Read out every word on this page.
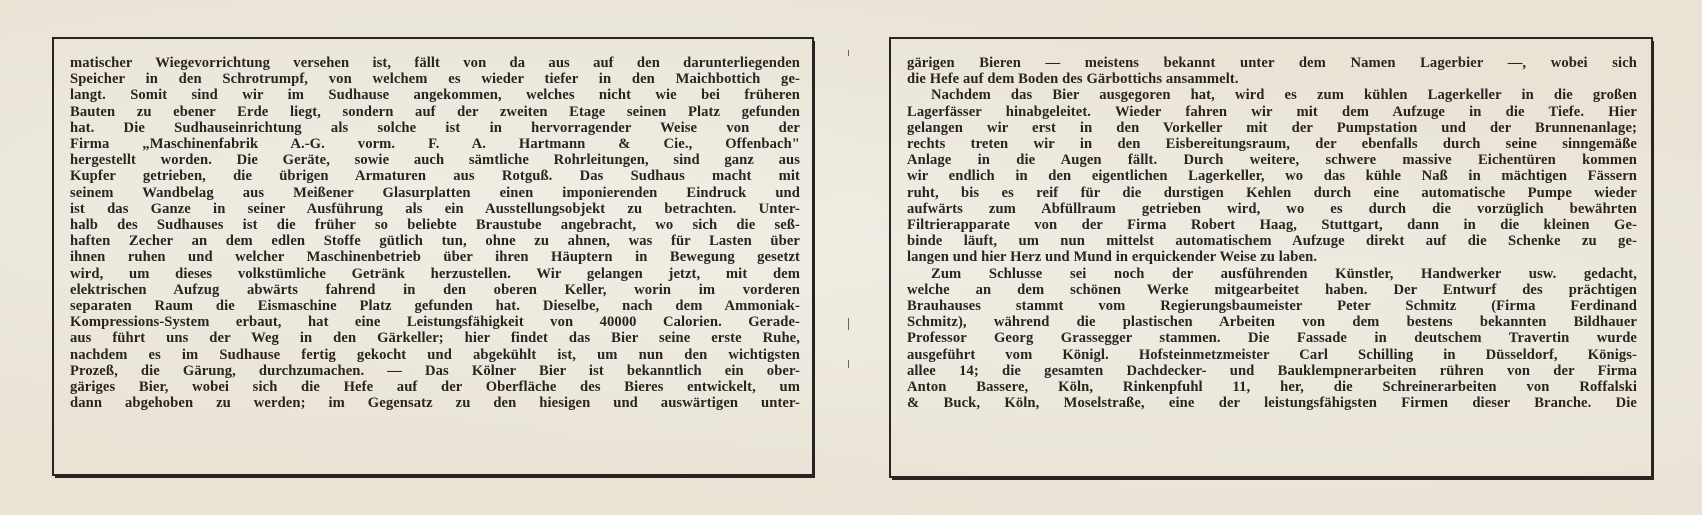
matischer Wiegevorrichtung versehen ist, fällt von da aus auf den darunterliegenden
Speicher in den Schrotrumpf, von welchem es wieder tiefer in den Maichbottich ge-
langt. Somit sind wir im Sudhause angekommen, welches nicht wie bei früheren
Bauten zu ebener Erde liegt, sondern auf der zweiten Etage seinen Platz gefunden
hat. Die Sudhauseinrichtung als solche ist in hervorragender Weise von der
Firma „Maschinenfabrik A.-G. vorm. F. A. Hartmann & Cie., Offenbach"
hergestellt worden. Die Geräte, sowie auch sämtliche Rohrleitungen, sind ganz aus
Kupfer getrieben, die übrigen Armaturen aus Rotguß. Das Sudhaus macht mit
seinem Wandbelag aus Meißener Glasurplatten einen imponierenden Eindruck und
ist das Ganze in seiner Ausführung als ein Ausstellungsobjekt zu betrachten. Unter-
halb des Sudhauses ist die früher so beliebte Braustube angebracht, wo sich die seß-
haften Zecher an dem edlen Stoffe gütlich tun, ohne zu ahnen, was für Lasten über
ihnen ruhen und welcher Maschinenbetrieb über ihren Häuptern in Bewegung gesetzt
wird, um dieses volkstümliche Getränk herzustellen. Wir gelangen jetzt, mit dem
elektrischen Aufzug abwärts fahrend in den oberen Keller, worin im vorderen
separaten Raum die Eismaschine Platz gefunden hat. Dieselbe, nach dem Ammoniak-
Kompressions-System erbaut, hat eine Leistungsfähigkeit von 40000 Calorien. Gerade-
aus führt uns der Weg in den Gärkeller; hier findet das Bier seine erste Ruhe,
nachdem es im Sudhause fertig gekocht und abgekühlt ist, um nun den wichtigsten
Prozeß, die Gärung, durchzumachen. — Das Kölner Bier ist bekanntlich ein ober-
gäriges Bier, wobei sich die Hefe auf der Oberfläche des Bieres entwickelt, um
dann abgehoben zu werden; im Gegensatz zu den hiesigen und auswärtigen unter-
gärigen Bieren — meistens bekannt unter dem Namen Lagerbier —, wobei sich
die Hefe auf dem Boden des Gärbottichs ansammelt.
Nachdem das Bier ausgegoren hat, wird es zum kühlen Lagerkeller in die großen
Lagerfässer hinabgeleitet. Wieder fahren wir mit dem Aufzuge in die Tiefe. Hier
gelangen wir erst in den Vorkeller mit der Pumpstation und der Brunnenanlage;
rechts treten wir in den Eisbereitungsraum, der ebenfalls durch seine sinngemäße
Anlage in die Augen fällt. Durch weitere, schwere massive Eichentüren kommen
wir endlich in den eigentlichen Lagerkeller, wo das kühle Naß in mächtigen Fässern
ruht, bis es reif für die durstigen Kehlen durch eine automatische Pumpe wieder
aufwärts zum Abfüllraum getrieben wird, wo es durch die vorzüglich bewährten
Filtrierapparate von der Firma Robert Haag, Stuttgart, dann in die kleinen Ge-
binde läuft, um nun mittelst automatischem Aufzuge direkt auf die Schenke zu ge-
langen und hier Herz und Mund in erquickender Weise zu laben.
Zum Schlusse sei noch der ausführenden Künstler, Handwerker usw. gedacht,
welche an dem schönen Werke mitgearbeitet haben. Der Entwurf des prächtigen
Brauhauses stammt vom Regierungsbaumeister Peter Schmitz (Firma Ferdinand
Schmitz), während die plastischen Arbeiten von dem bestens bekannten Bildhauer
Professor Georg Grassegger stammen. Die Fassade in deutschem Travertin wurde
ausgeführt vom Königl. Hofsteinmetzmeister Carl Schilling in Düsseldorf, Königs-
allee 14; die gesamten Dachdecker- und Bauklempnerarbeiten rühren von der Firma
Anton Bassere, Köln, Rinkenpfuhl 11, her, die Schreinerarbeiten von Roffalski
& Buck, Köln, Moselstraße, eine der leistungsfähigsten Firmen dieser Branche. Die
